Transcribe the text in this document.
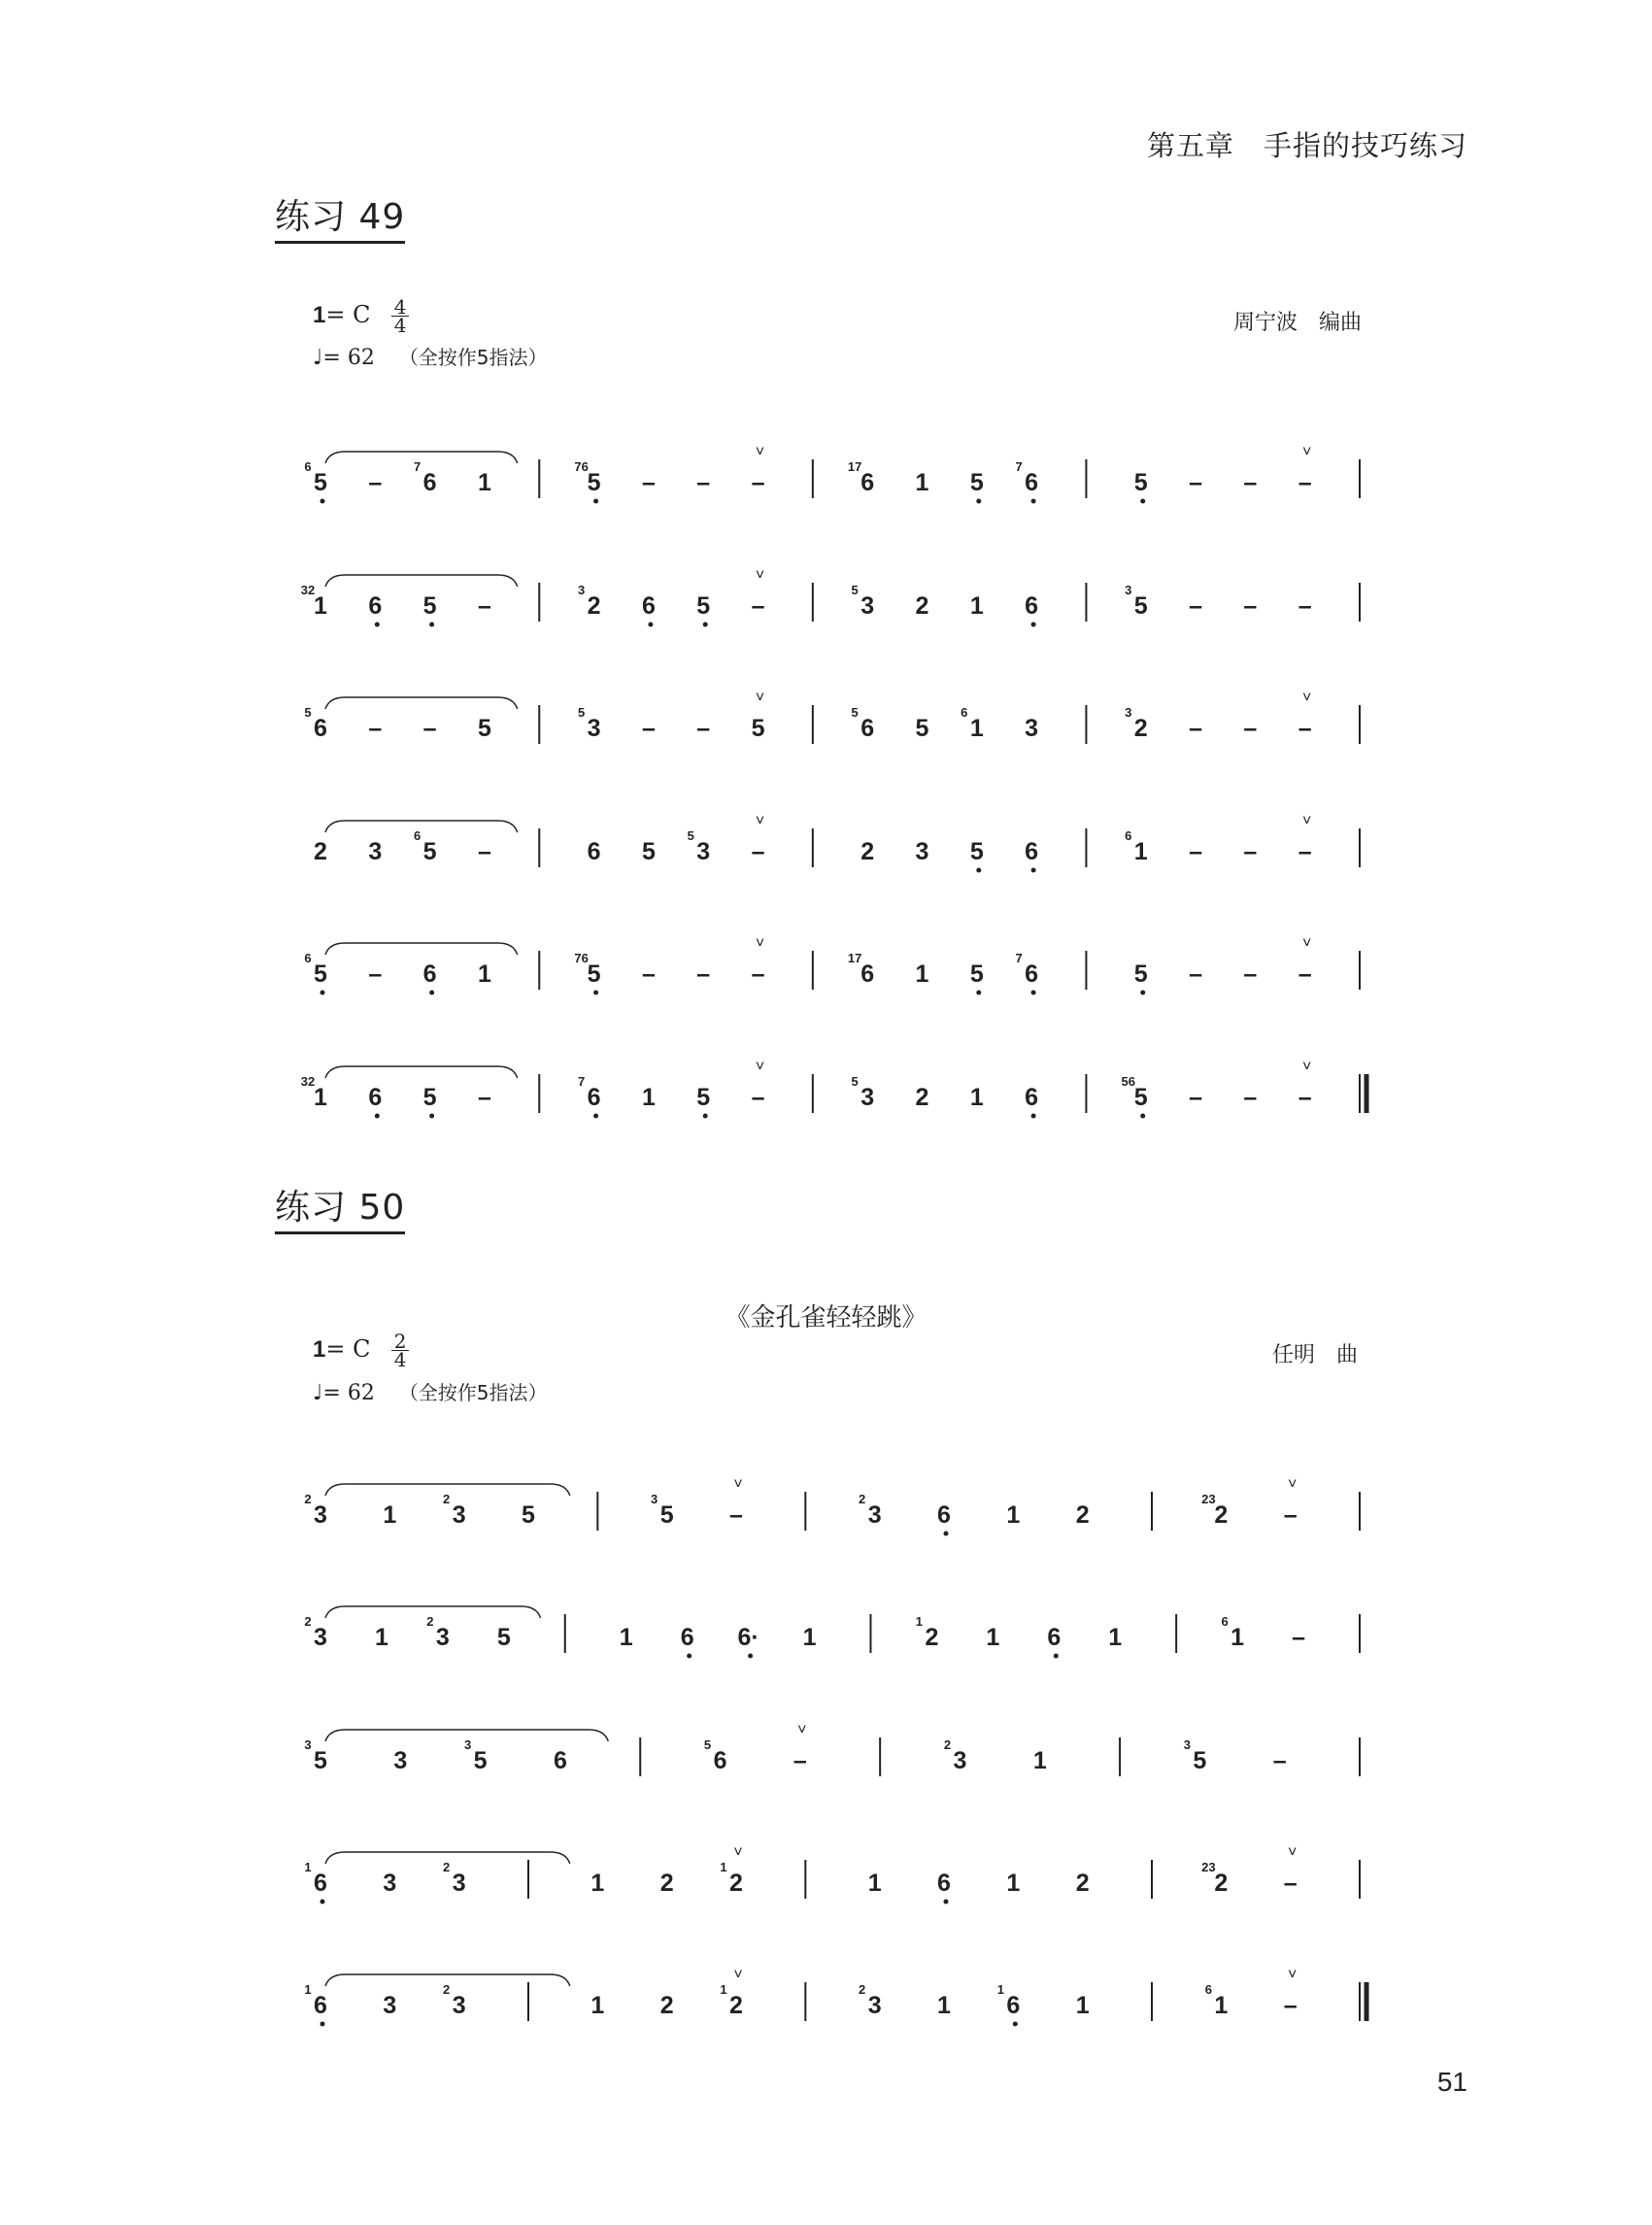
第五章　手指的技巧练习
练习 49
1= C $\frac{4}{4}$
♩= 62 （全按作5指法）
周宁波　编曲
练习 50
《金孔雀轻轻跳》
1= C $\frac{2}{4}$
♩= 62 （全按作5指法）
任明　曲
5
6
– 6
7
1	5
76
– – –
˅
6
17
1 5 6
7
5 – – –
˅
1
32
6 5 –	2
3
6 5 –
˅
3
5
2 1 6	5
3
– – –
6
5
– – 5	3
5
– – 5
˅
6
5
5 1
6
3	2
3
– – –
˅
2 3 5
6
–	6 5 3
5
–
˅
2 3 5 6	1
6
– – –
˅
5
6
– 6 1	5
76
– – –
˅
6
17
1 5 6
7
5 – – –
˅
1
32
6 5 –	6
7
1 5 –
˅
3
5
2 1 6	5
56
– – –
˅
3
2
1 3
2
5	5
3
–
˅
3
2
6 1 2	2
23
–
˅
3
2
1 3
2
5	1 6 6· 1	2
1
1 6 1	1
6
–
5
3
3	5
3
6	6
5
–
˅
3
2
1	5
3
–
6
1
3 3
2
1 2 2
1
˅
1 6 1 2	2
23
–
˅
6
1
3 3
2
1 2 2
1
˅
3
2
1 6
1
1	1
6
–
˅
51
